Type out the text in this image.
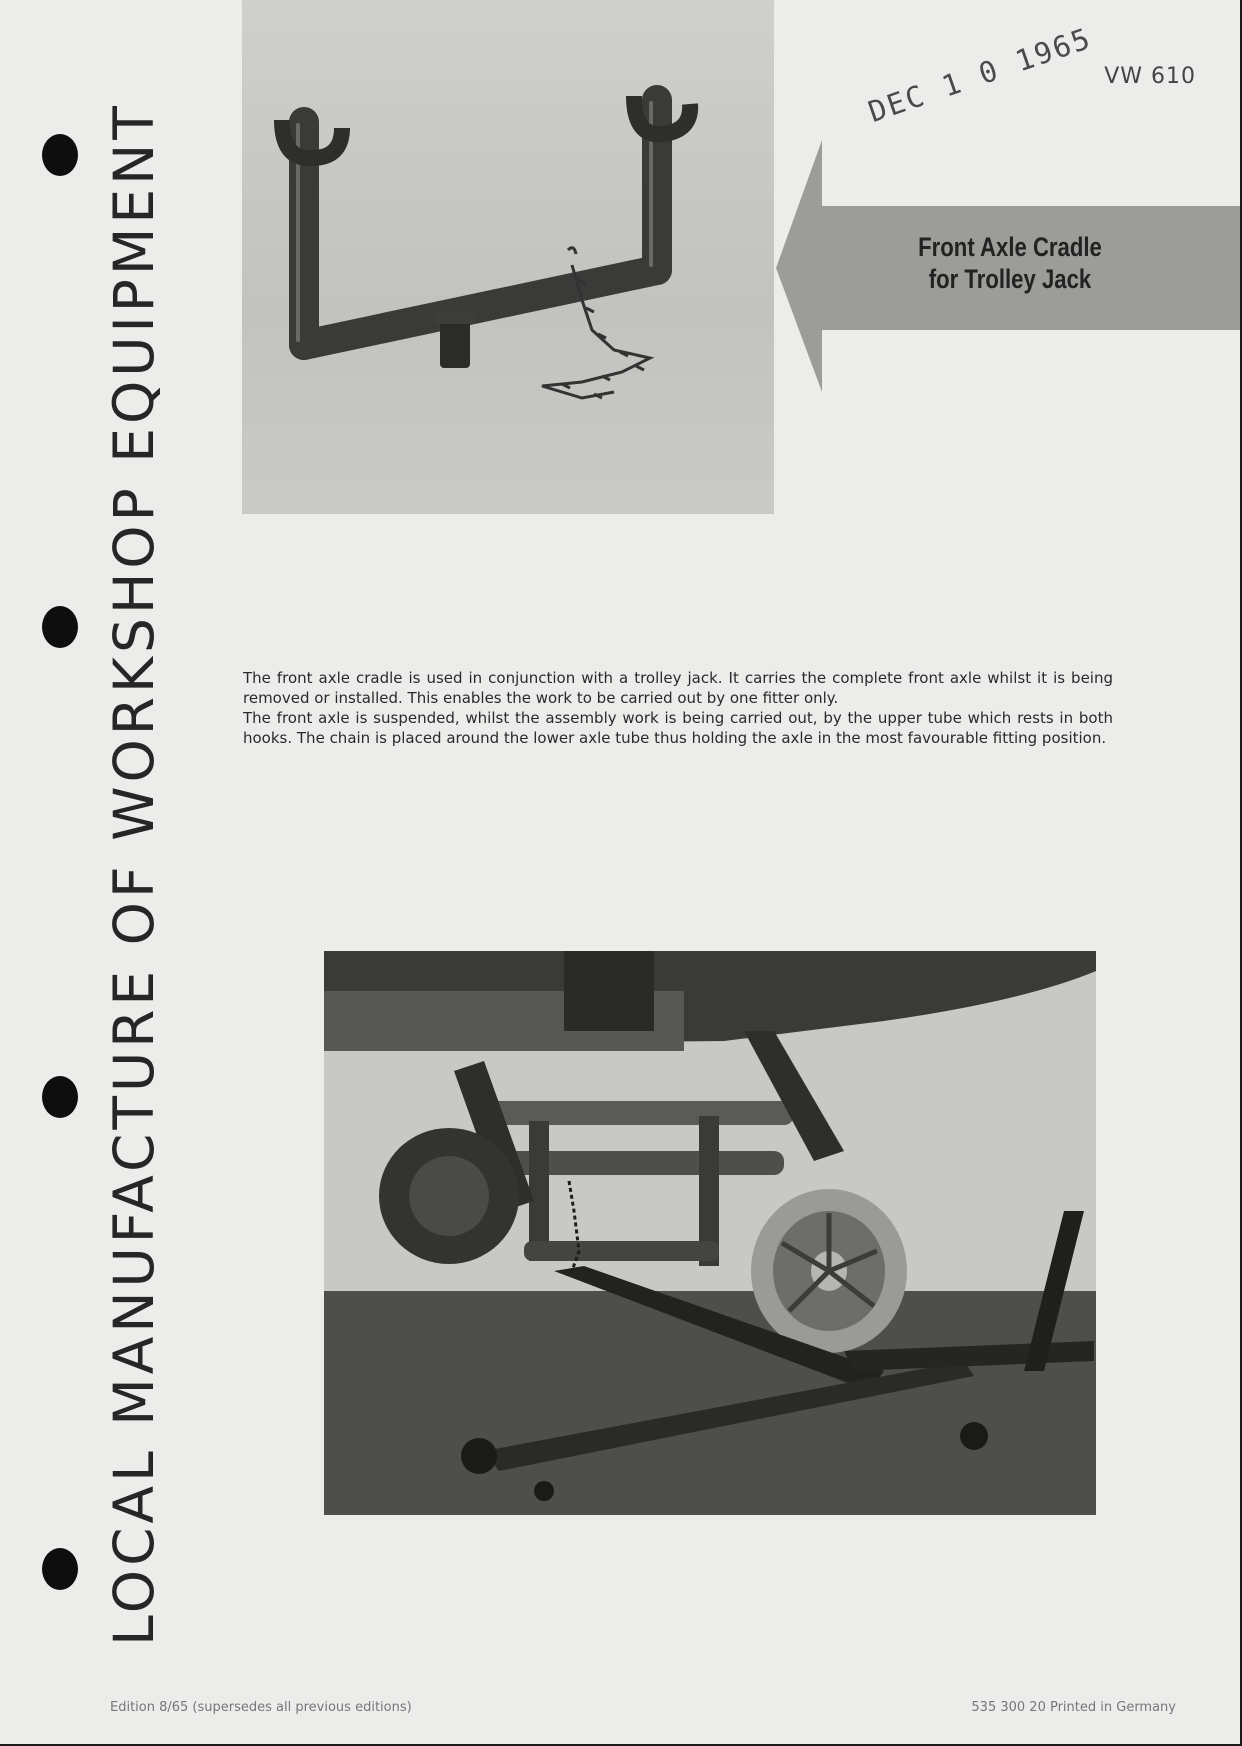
LOCAL MANUFACTURE OF WORKSHOP EQUIPMENT
VW 610
DEC 1 0 1965
Front Axle Cradle
for Trolley Jack

The front axle cradle is used in conjunction with a trolley jack. It carries the complete front axle whilst it is being removed or installed. This enables the work to be carried out by one fitter only.

The front axle is suspended, whilst the assembly work is being carried out, by the upper tube which rests in both hooks. The chain is placed around the lower axle tube thus holding the axle in the most favourable fitting position.

Edition 8/65 (supersedes all previous editions)	535 300 20 Printed in Germany
